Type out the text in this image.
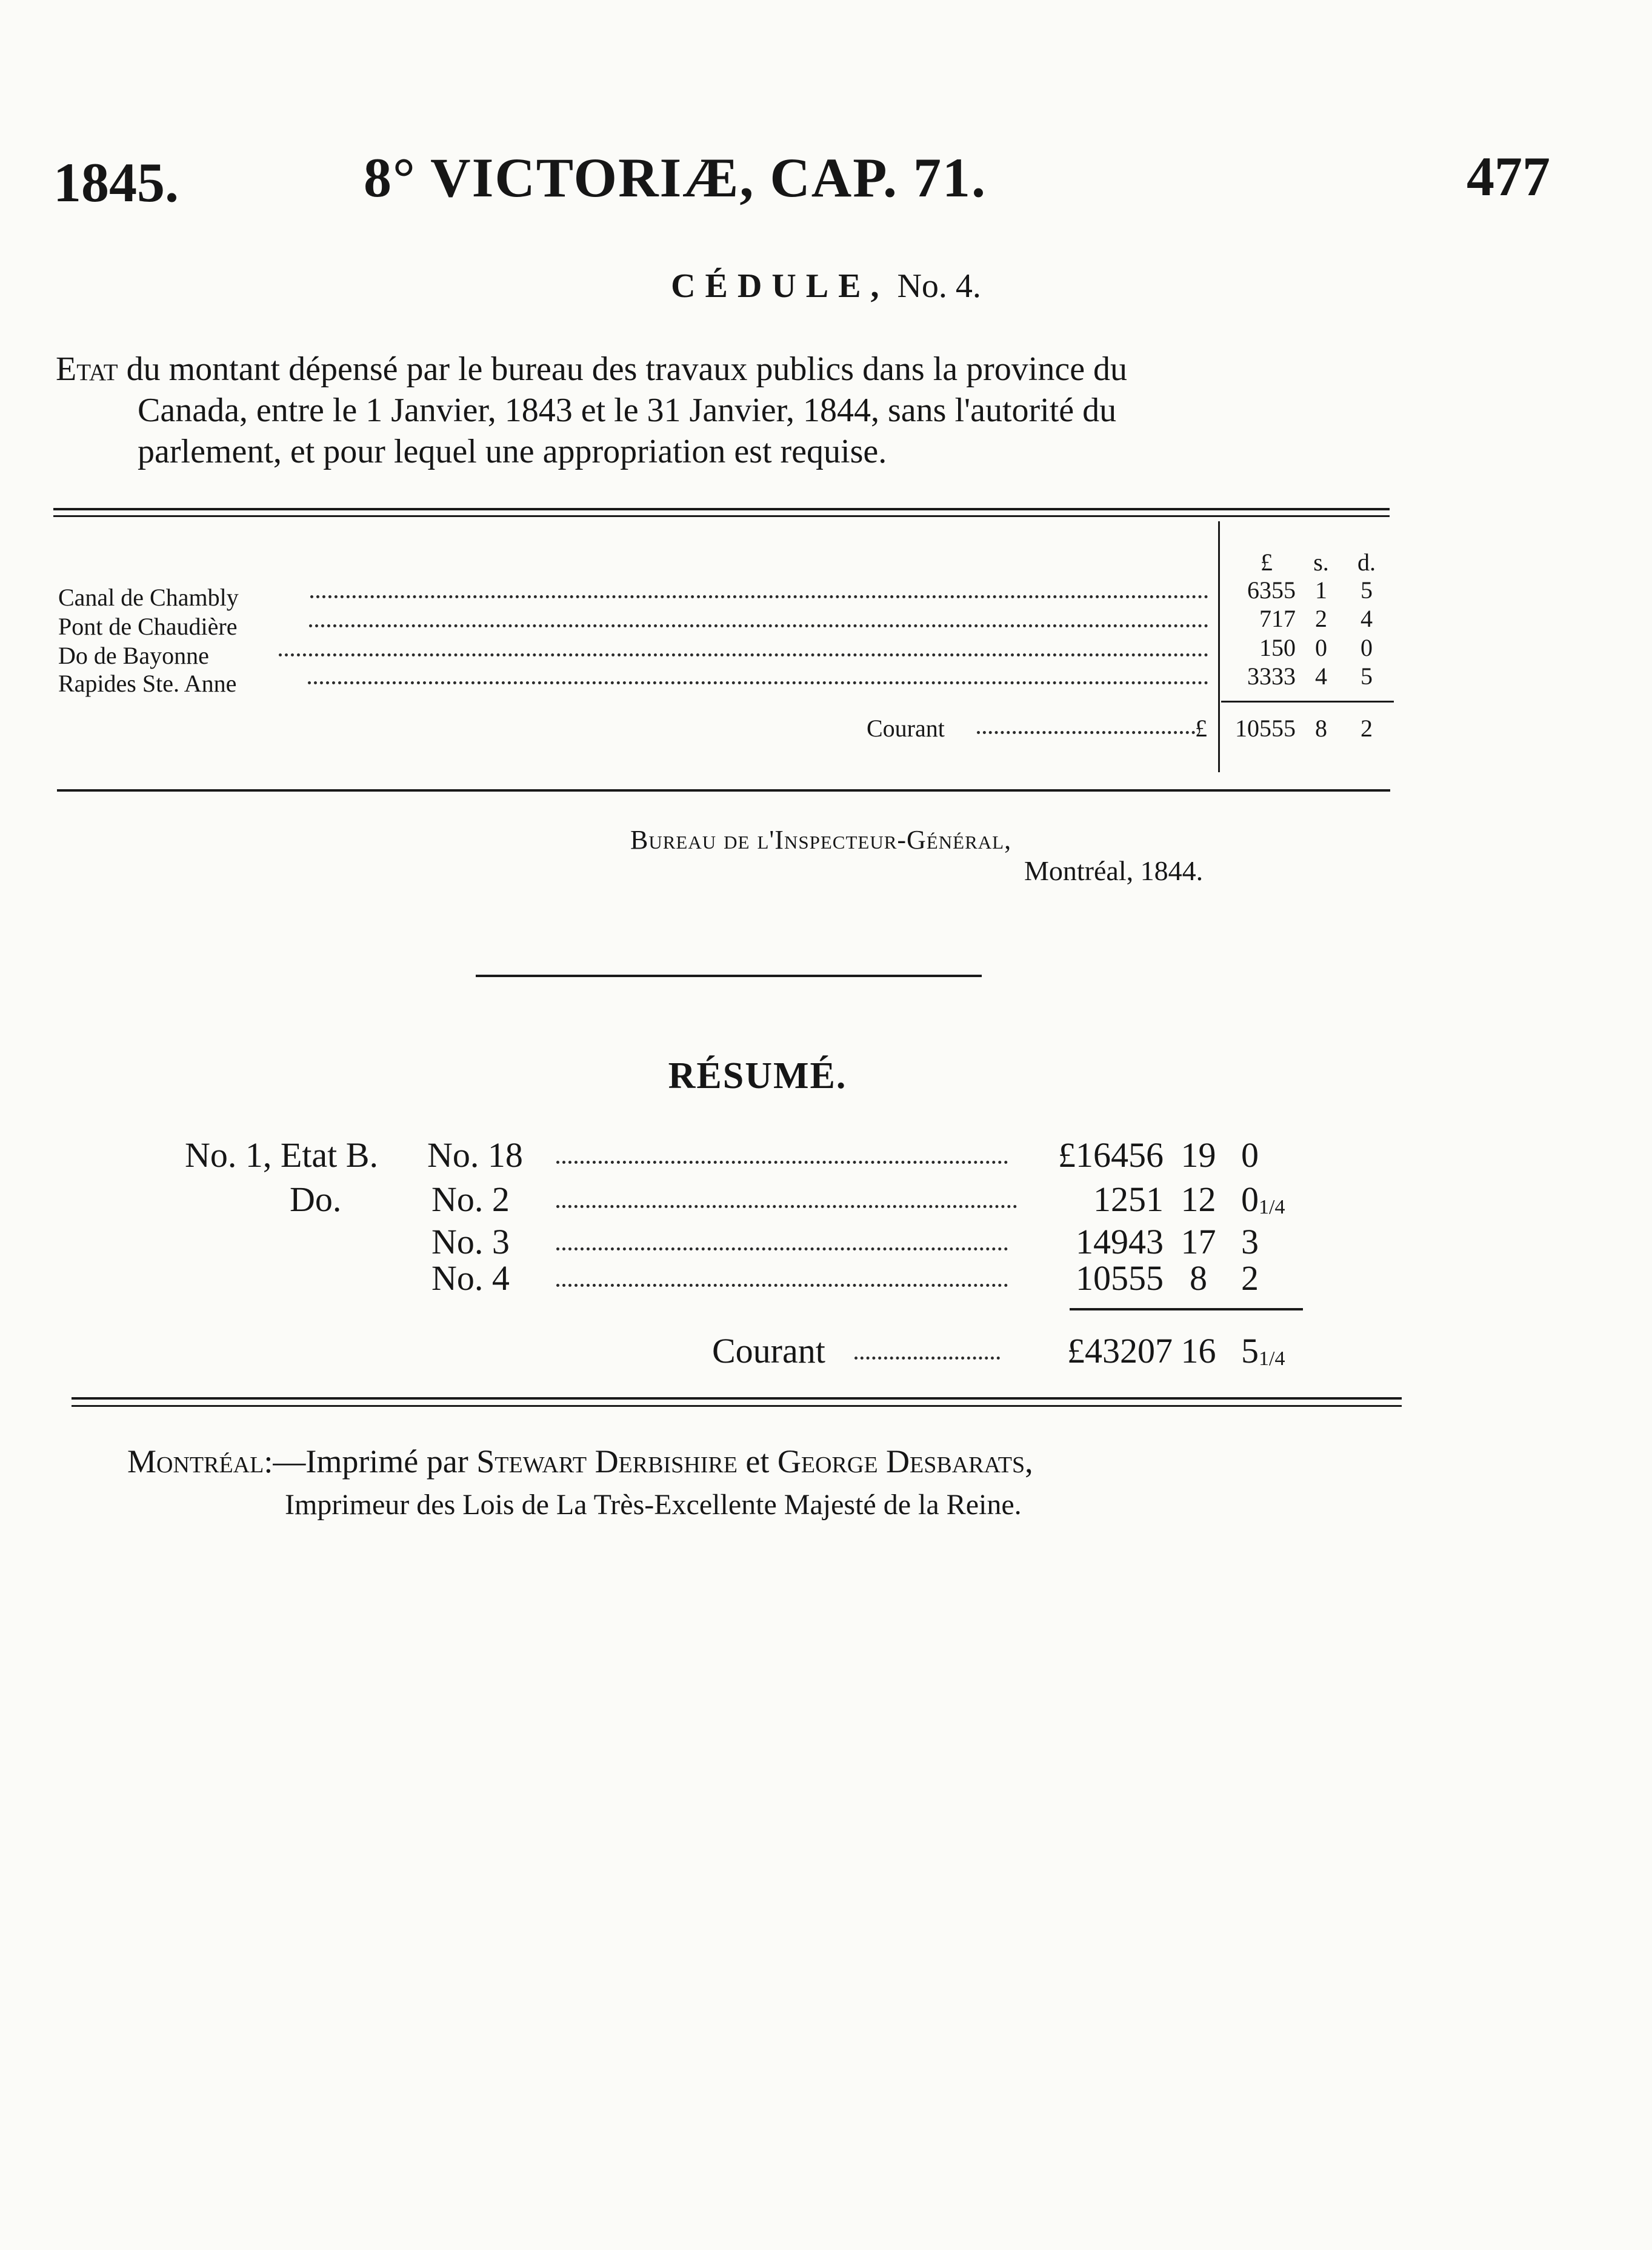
1845.	8° VICTORIÆ, CAP. 71.	477
CÉDULE, No. 4.
Etat du montant dépensé par le bureau des travaux publics dans la province du
Canada, entre le 1 Janvier, 1843 et le 31 Janvier, 1844, sans l'autorité du
parlement, et pour lequel une appropriation est requise.
£	s.	d.
Canal de Chambly	6355 1	5
Pont de Chaudière	717 2	4
Do de Bayonne	150 0	0
Rapides Ste. Anne	3333 4	5
Courant	£	10555 8	2
Bureau de l'Inspecteur-Général,
Montréal, 1844.
RÉSUMÉ.
No. 1, Etat B. No. 18	£16456 19 0
Do.	No. 2	1251 12 01/4
No. 3	14943 17 3
No. 4	10555 8 2
Courant	£43207 16 51/4
Montréal:—Imprimé par Stewart Derbishire et George Desbarats,
Imprimeur des Lois de La Très-Excellente Majesté de la Reine.
